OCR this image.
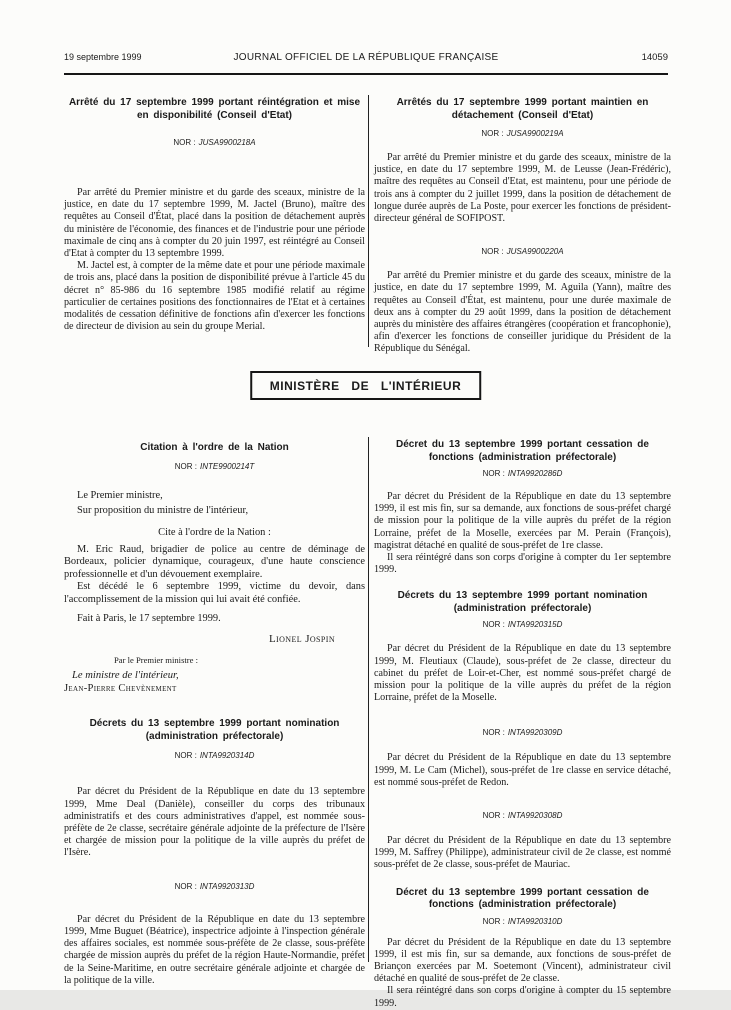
19 septembre 1999	JOURNAL OFFICIEL DE LA RÉPUBLIQUE FRANÇAISE	14059
Arrêté du 17 septembre 1999 portant réintégration et mise en disponibilité (Conseil d'Etat)

NOR : JUSA9900218A

Par arrêté du Premier ministre et du garde des sceaux, ministre de la justice, en date du 17 septembre 1999, M. Jactel (Bruno), maître des requêtes au Conseil d'État, placé dans la position de détachement auprès du ministère de l'économie, des finances et de l'industrie pour une période maximale de cinq ans à compter du 20 juin 1997, est réintégré au Conseil d'Etat à compter du 13 septembre 1999.

M. Jactel est, à compter de la même date et pour une période maximale de trois ans, placé dans la position de disponibilité prévue à l'article 45 du décret n° 85-986 du 16 septembre 1985 modifié relatif au régime particulier de certaines positions des fonctionnaires de l'Etat et à certaines modalités de cessation définitive de fonctions afin d'exercer les fonctions de directeur de division au sein du groupe Merial.

Arrêtés du 17 septembre 1999 portant maintien en détachement (Conseil d'Etat)

NOR : JUSA9900219A

Par arrêté du Premier ministre et du garde des sceaux, ministre de la justice, en date du 17 septembre 1999, M. de Leusse (Jean-Frédéric), maître des requêtes au Conseil d'Etat, est maintenu, pour une période de trois ans à compter du 2 juillet 1999, dans la position de détachement de longue durée auprès de La Poste, pour exercer les fonctions de président-directeur général de SOFIPOST.

NOR : JUSA9900220A

Par arrêté du Premier ministre et du garde des sceaux, ministre de la justice, en date du 17 septembre 1999, M. Aguila (Yann), maître des requêtes au Conseil d'État, est maintenu, pour une durée maximale de deux ans à compter du 29 août 1999, dans la position de détachement auprès du ministère des affaires étrangères (coopération et francophonie), afin d'exercer les fonctions de conseiller juridique du Président de la République du Sénégal.

MINISTÈRE DE L'INTÉRIEUR
Citation à l'ordre de la Nation

NOR : INTE9900214T

Le Premier ministre,

Sur proposition du ministre de l'intérieur,

Cite à l'ordre de la Nation :

M. Eric Raud, brigadier de police au centre de déminage de Bordeaux, policier dynamique, courageux, d'une haute conscience professionnelle et d'un dévouement exemplaire.

Est décédé le 6 septembre 1999, victime du devoir, dans l'accomplissement de la mission qui lui avait été confiée.

Fait à Paris, le 17 septembre 1999.

Lionel Jospin

Par le Premier ministre :

Le ministre de l'intérieur,

Jean-Pierre Chevènement

Décrets du 13 septembre 1999 portant nomination (administration préfectorale)

NOR : INTA9920314D

Par décret du Président de la République en date du 13 septembre 1999, Mme Deal (Danièle), conseiller du corps des tribunaux administratifs et des cours administratives d'appel, est nommée sous-préfète de 2e classe, secrétaire générale adjointe de la préfecture de l'Isère et chargée de mission pour la politique de la ville auprès du préfet de l'Isère.

NOR : INTA9920313D

Par décret du Président de la République en date du 13 septembre 1999, Mme Buguet (Béatrice), inspectrice adjointe à l'inspection générale des affaires sociales, est nommée sous-préfète de 2e classe, sous-préfète chargée de mission auprès du préfet de la région Haute-Normandie, préfet de la Seine-Maritime, en outre secrétaire générale adjointe et chargée de la politique de la ville.

Décret du 13 septembre 1999 portant cessation de fonctions (administration préfectorale)

NOR : INTA9920286D

Par décret du Président de la République en date du 13 septembre 1999, il est mis fin, sur sa demande, aux fonctions de sous-préfet chargé de mission pour la politique de la ville auprès du préfet de la région Lorraine, préfet de la Moselle, exercées par M. Perain (François), magistrat détaché en qualité de sous-préfet de 1re classe.

Il sera réintégré dans son corps d'origine à compter du 1er septembre 1999.

Décrets du 13 septembre 1999 portant nomination (administration préfectorale)

NOR : INTA9920315D

Par décret du Président de la République en date du 13 septembre 1999, M. Fleutiaux (Claude), sous-préfet de 2e classe, directeur du cabinet du préfet de Loir-et-Cher, est nommé sous-préfet chargé de mission pour la politique de la ville auprès du préfet de la région Lorraine, préfet de la Moselle.

NOR : INTA9920309D

Par décret du Président de la République en date du 13 septembre 1999, M. Le Cam (Michel), sous-préfet de 1re classe en service détaché, est nommé sous-préfet de Redon.

NOR : INTA9920308D

Par décret du Président de la République en date du 13 septembre 1999, M. Saffrey (Philippe), administrateur civil de 2e classe, est nommé sous-préfet de 2e classe, sous-préfet de Mauriac.

Décret du 13 septembre 1999 portant cessation de fonctions (administration préfectorale)

NOR : INTA9920310D

Par décret du Président de la République en date du 13 septembre 1999, il est mis fin, sur sa demande, aux fonctions de sous-préfet de Briançon exercées par M. Soetemont (Vincent), administrateur civil détaché en qualité de sous-préfet de 2e classe.

Il sera réintégré dans son corps d'origine à compter du 15 septembre 1999.
